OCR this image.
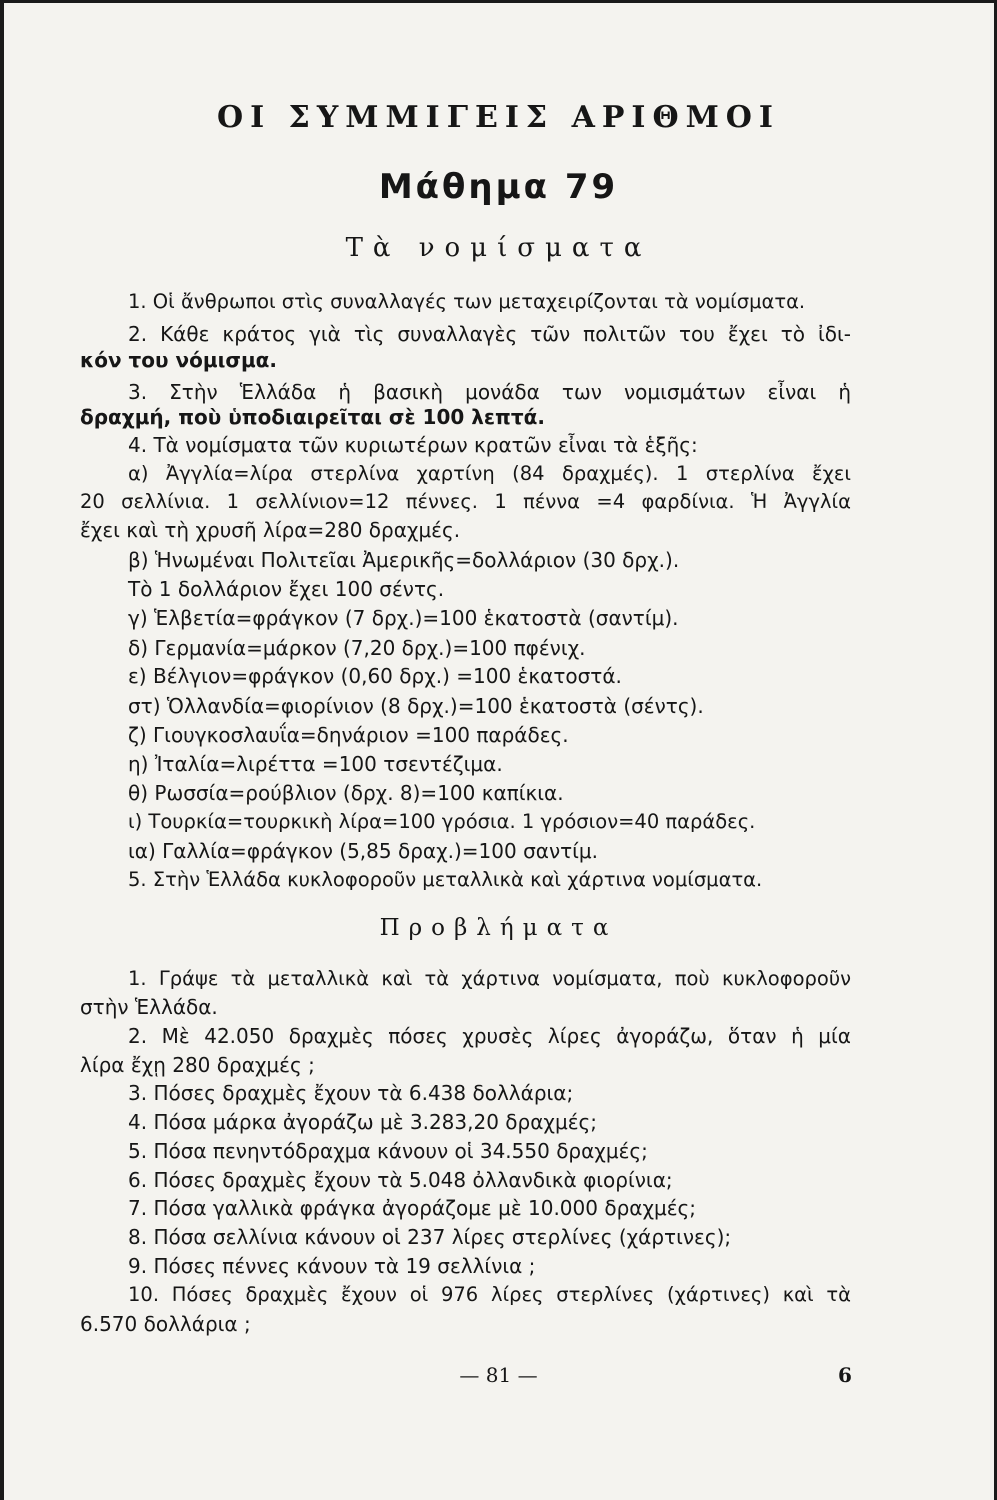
ΟΙ ΣΥΜΜΙΓΕΙΣ ΑΡΙΘΜΟΙ
Μάθημα 79
Τὰ νομίσματα
1. Οἱ ἄνθρωποι στὶς συναλλαγές των μεταχειρίζονται τὰ νομίσματα.
2. Κάθε κράτος γιὰ τὶς συναλλαγὲς τῶν πολιτῶν του ἔχει τὸ ἰδι-
κόν του νόμισμα.
3. Στὴν Ἑλλάδα ἡ βασικὴ μονάδα των νομισμάτων εἶναι ἡ
δραχμή, ποὺ ὑποδιαιρεῖται σὲ 100 λεπτά.
4. Τὰ νομίσματα τῶν κυριωτέρων κρατῶν εἶναι τὰ ἑξῆς:
α) Ἀγγλία=λίρα στερλίνα χαρτίνη (84 δραχμές). 1 στερλίνα ἔχει
20 σελλίνια. 1 σελλίνιον=12 πέννες. 1 πέννα =4 φαρδίνια. Ἡ Ἀγγλία
ἔχει καὶ τὴ χρυσῆ λίρα=280 δραχμές.
β) Ἡνωμέναι Πολιτεῖαι Ἀμερικῆς=δολλάριον (30 δρχ.).
Τὸ 1 δολλάριον ἔχει 100 σέντς.
γ) Ἑλβετία=φράγκον (7 δρχ.)=100 ἑκατοστὰ (σαντίμ).
δ) Γερμανία=μάρκον (7,20 δρχ.)=100 πφένιχ.
ε) Βέλγιον=φράγκον (0,60 δρχ.) =100 ἑκατοστά.
στ) Ὁλλανδία=φιορίνιον (8 δρχ.)=100 ἑκατοστὰ (σέντς).
ζ) Γιουγκοσλαυΐα=δηνάριον =100 παράδες.
η) Ἰταλία=λιρέττα =100 τσεντέζιμα.
θ) Ρωσσία=ρούβλιον (δρχ. 8)=100 καπίκια.
ι) Τουρκία=τουρκικὴ λίρα=100 γρόσια. 1 γρόσιον=40 παράδες.
ια) Γαλλία=φράγκον (5,85 δραχ.)=100 σαντίμ.
5. Στὴν Ἑλλάδα κυκλοφοροῦν μεταλλικὰ καὶ χάρτινα νομίσματα.
Προβλήματα
1. Γράψε τὰ μεταλλικὰ καὶ τὰ χάρτινα νομίσματα, ποὺ κυκλοφοροῦν
στὴν Ἑλλάδα.
2. Μὲ 42.050 δραχμὲς πόσες χρυσὲς λίρες ἀγοράζω, ὅταν ἡ μία
λίρα ἔχῃ 280 δραχμές ;
3. Πόσες δραχμὲς ἔχουν τὰ 6.438 δολλάρια;
4. Πόσα μάρκα ἀγοράζω μὲ 3.283,20 δραχμές;
5. Πόσα πενηντόδραχμα κάνουν οἱ 34.550 δραχμές;
6. Πόσες δραχμὲς ἔχουν τὰ 5.048 ὀλλανδικὰ φιορίνια;
7. Πόσα γαλλικὰ φράγκα ἀγοράζομε μὲ 10.000 δραχμές;
8. Πόσα σελλίνια κάνουν οἱ 237 λίρες στερλίνες (χάρτινες);
9. Πόσες πέννες κάνουν τὰ 19 σελλίνια ;
10. Πόσες δραχμὲς ἔχουν οἱ 976 λίρες στερλίνες (χάρτινες) καὶ τὰ
6.570 δολλάρια ;
— 81 —	6
